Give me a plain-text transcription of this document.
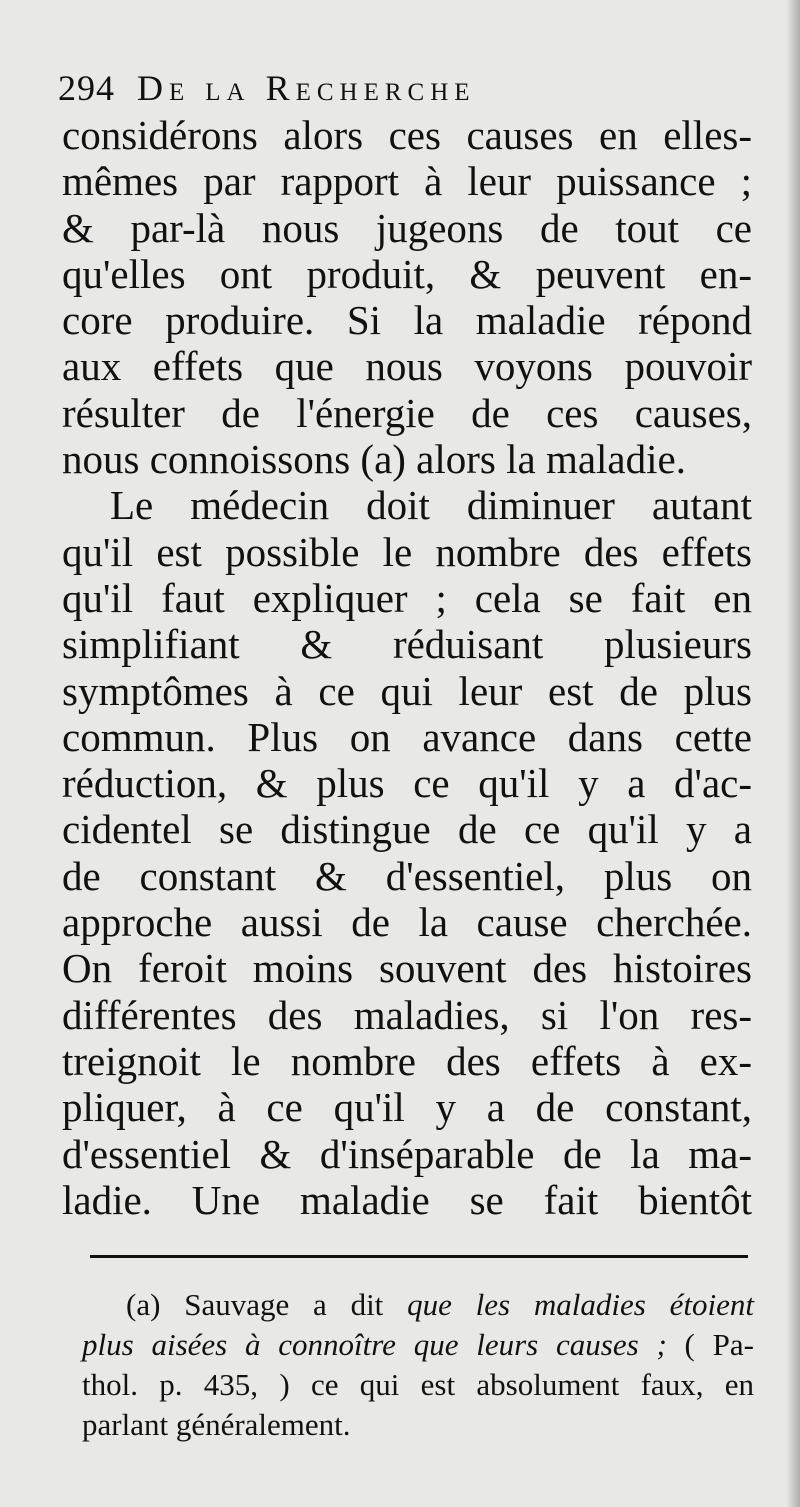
294 De la Recherche
considérons alors ces causes en elles-
mêmes par rapport à leur puissance ;
& par-là nous jugeons de tout ce
qu'elles ont produit, & peuvent en-
core produire. Si la maladie répond
aux effets que nous voyons pouvoir
résulter de l'énergie de ces causes,
nous connoissons (a) alors la maladie.
Le médecin doit diminuer autant
qu'il est possible le nombre des effets
qu'il faut expliquer ; cela se fait en
simplifiant & réduisant plusieurs
symptômes à ce qui leur est de plus
commun. Plus on avance dans cette
réduction, & plus ce qu'il y a d'ac-
cidentel se distingue de ce qu'il y a
de constant & d'essentiel, plus on
approche aussi de la cause cherchée.
On feroit moins souvent des histoires
différentes des maladies, si l'on res-
treignoit le nombre des effets à ex-
pliquer, à ce qu'il y a de constant,
d'essentiel & d'inséparable de la ma-
ladie. Une maladie se fait bientôt
(a) Sauvage a dit que les maladies étoient
plus aisées à connoître que leurs causes ; ( Pa-
thol. p. 435, ) ce qui est absolument faux, en
parlant généralement.
